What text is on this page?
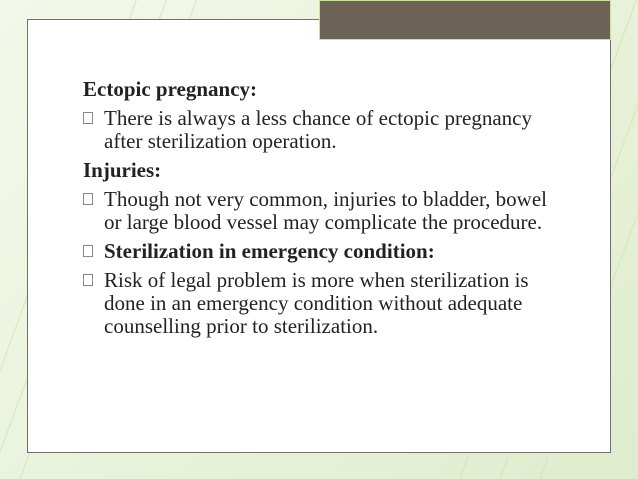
Ectopic pregnancy:
There is always a less chance of ectopic pregnancy after sterilization operation.
Injuries:
Though not very common, injuries to bladder, bowel or large blood vessel may complicate the procedure.
Sterilization in emergency condition:
Risk of legal problem is more when sterilization is done in an emergency condition without adequate counselling prior to sterilization.
